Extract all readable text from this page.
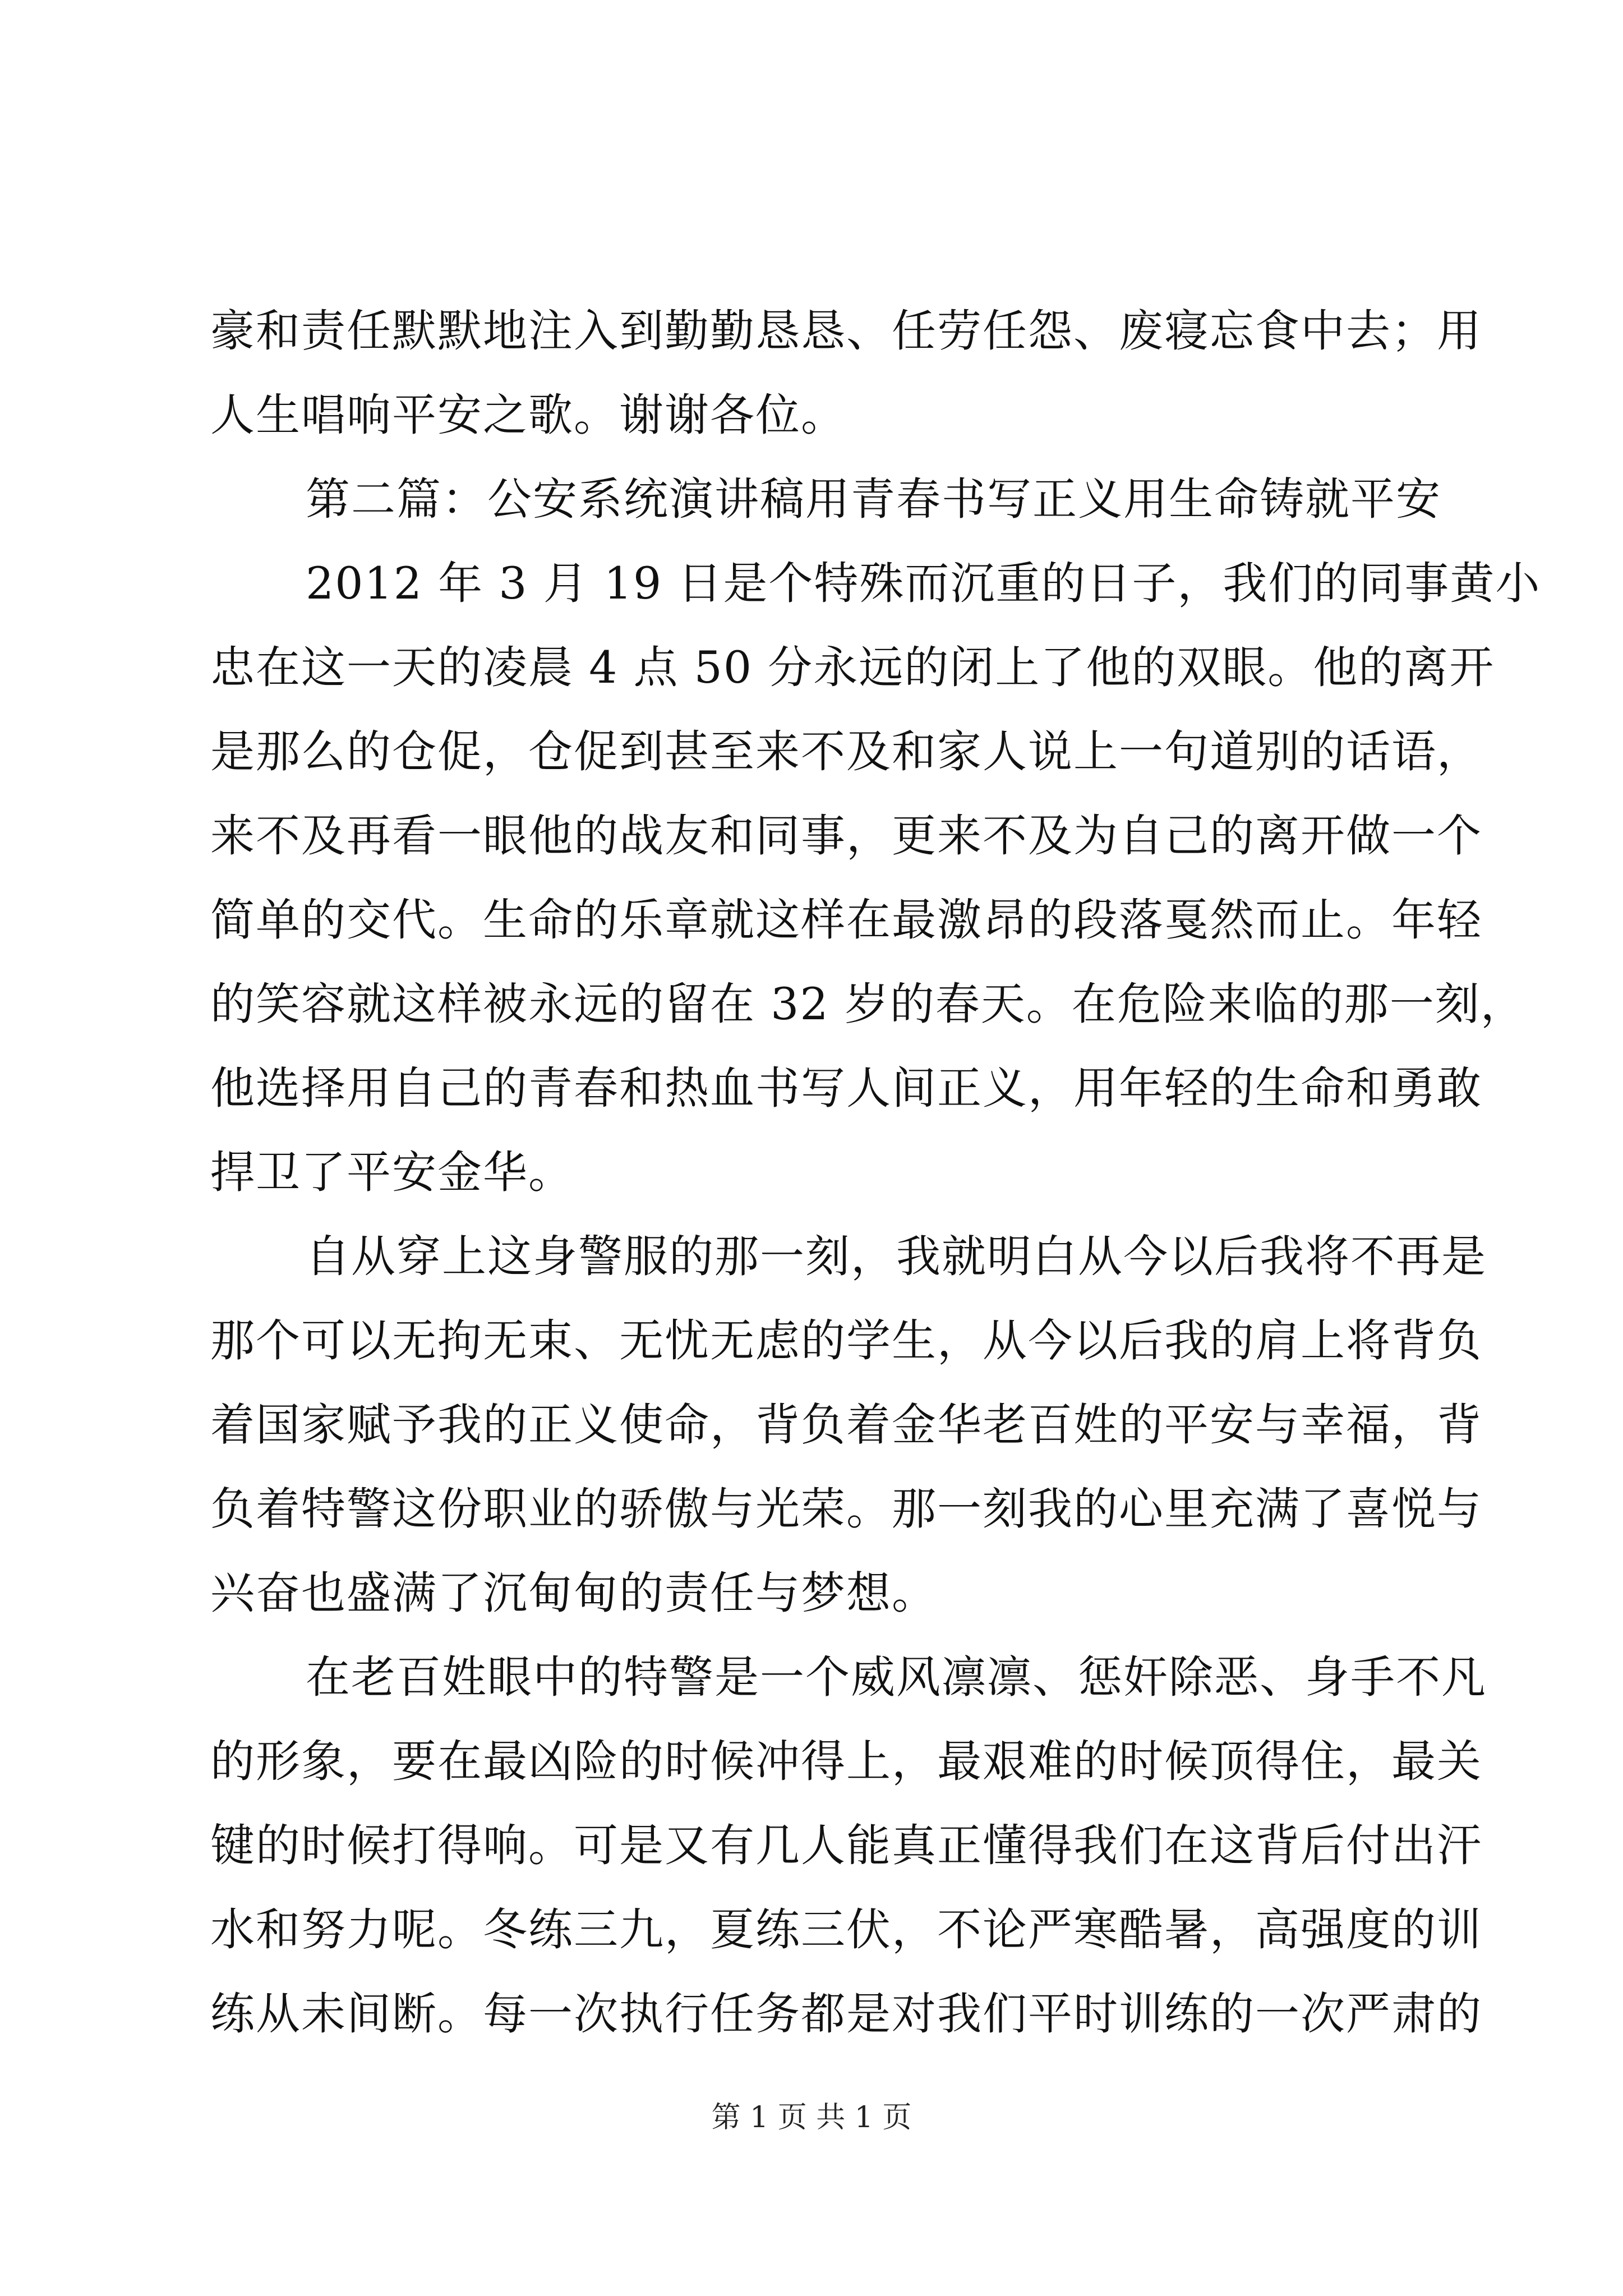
豪和责任默默地注入到勤勤恳恳、任劳任怨、废寝忘食中去；用
人生唱响平安之歌。谢谢各位。
第二篇：公安系统演讲稿用青春书写正义用生命铸就平安
2012 年 3 月 19 日是个特殊而沉重的日子，我们的同事黄小
忠在这一天的凌晨 4 点 50 分永远的闭上了他的双眼。他的离开
是那么的仓促，仓促到甚至来不及和家人说上一句道别的话语，
来不及再看一眼他的战友和同事，更来不及为自己的离开做一个
简单的交代。生命的乐章就这样在最激昂的段落戛然而止。年轻
的笑容就这样被永远的留在 32 岁的春天。在危险来临的那一刻，
他选择用自己的青春和热血书写人间正义，用年轻的生命和勇敢
捍卫了平安金华。
自从穿上这身警服的那一刻，我就明白从今以后我将不再是
那个可以无拘无束、无忧无虑的学生，从今以后我的肩上将背负
着国家赋予我的正义使命，背负着金华老百姓的平安与幸福，背
负着特警这份职业的骄傲与光荣。那一刻我的心里充满了喜悦与
兴奋也盛满了沉甸甸的责任与梦想。
在老百姓眼中的特警是一个威风凛凛、惩奸除恶、身手不凡
的形象，要在最凶险的时候冲得上，最艰难的时候顶得住，最关
键的时候打得响。可是又有几人能真正懂得我们在这背后付出汗
水和努力呢。冬练三九，夏练三伏，不论严寒酷暑，高强度的训
练从未间断。每一次执行任务都是对我们平时训练的一次严肃的
第 1 页 共 1 页
